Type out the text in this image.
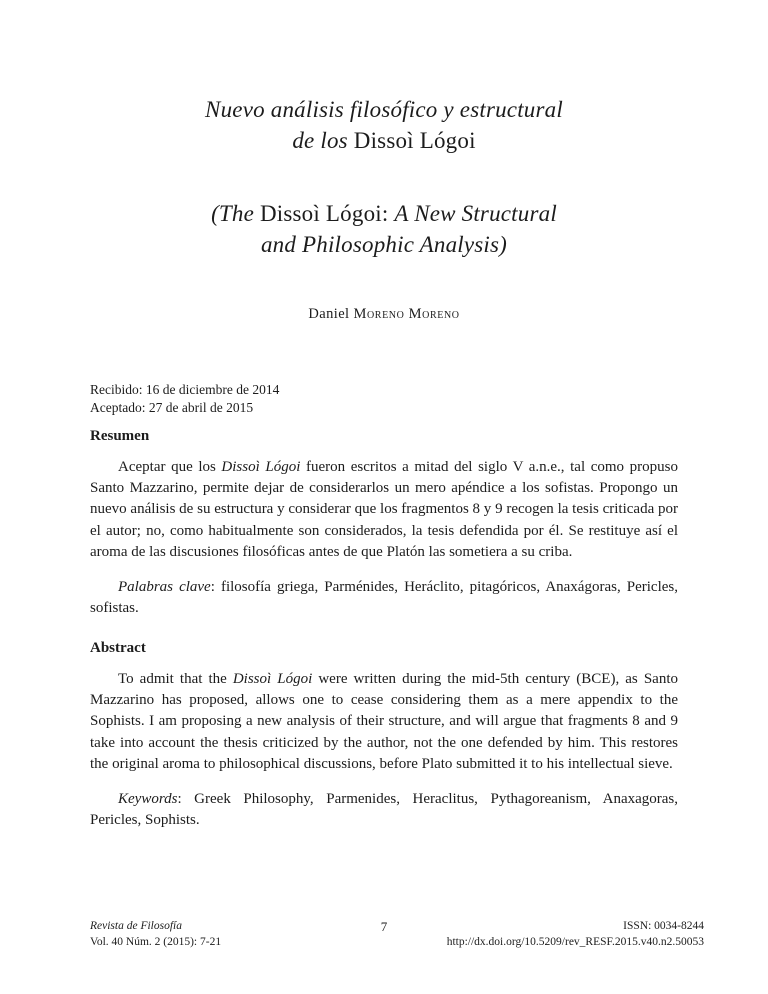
Nuevo análisis filosófico y estructural
de los Dissoì Lógoi
(The Dissoì Lógoi: A New Structural
and Philosophic Analysis)

Daniel Moreno Moreno

Recibido: 16 de diciembre de 2014
Aceptado: 27 de abril de 2015
Resumen

Aceptar que los Dissoì Lógoi fueron escritos a mitad del siglo V a.n.e., tal como propuso Santo Mazzarino, permite dejar de considerarlos un mero apéndice a los sofistas. Propongo un nuevo análisis de su estructura y considerar que los fragmentos 8 y 9 recogen la tesis criticada por el autor; no, como habitualmente son considerados, la tesis defendida por él. Se restituye así el aroma de las discusiones filosóficas antes de que Platón las sometiera a su criba.

Palabras clave: filosofía griega, Parménides, Heráclito, pitagóricos, Anaxágoras, Pericles, sofistas.

Abstract

To admit that the Dissoì Lógoi were written during the mid-5th century (BCE), as Santo Mazzarino has proposed, allows one to cease considering them as a mere appendix to the Sophists. I am proposing a new analysis of their structure, and will argue that fragments 8 and 9 take into account the thesis criticized by the author, not the one defended by him. This restores the original aroma to philosophical discussions, before Plato submitted it to his intellectual sieve.

Keywords: Greek Philosophy, Parmenides, Heraclitus, Pythagoreanism, Anaxagoras, Pericles, Sophists.

7
Revista de Filosofía
Vol. 40 Núm. 2 (2015): 7-21
ISSN: 0034-8244
http://dx.doi.org/10.5209/rev_RESF.2015.v40.n2.50053
